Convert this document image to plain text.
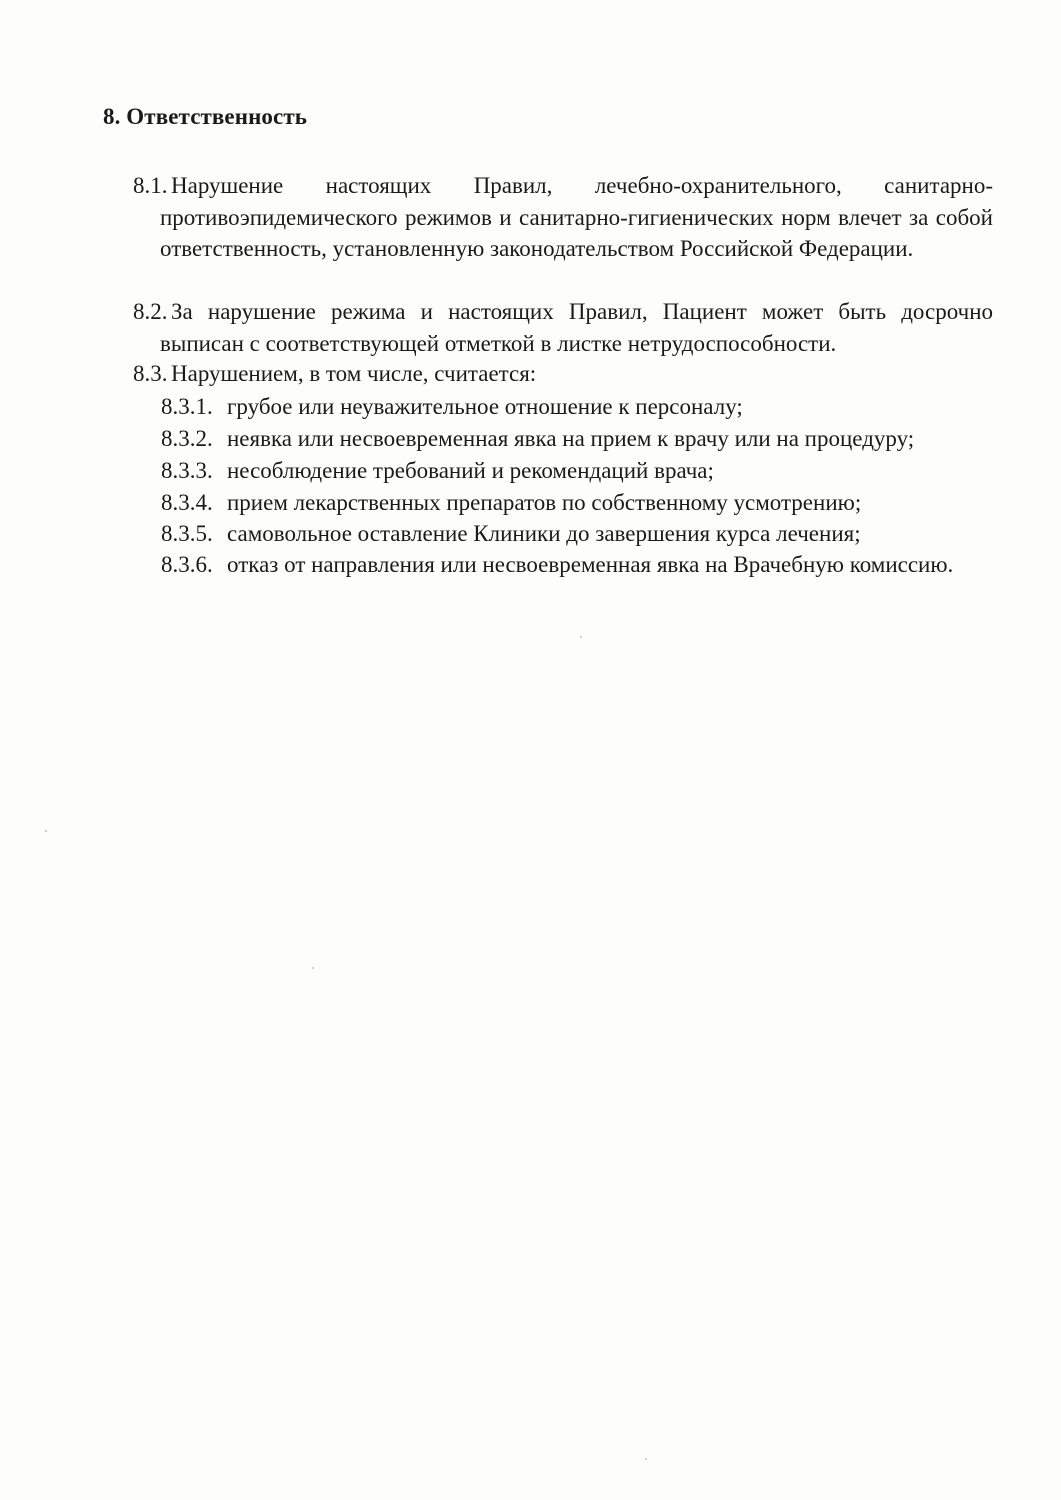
8. Ответственность
8.1. Нарушение настоящих Правил, лечебно-охранительного, санитарно-противоэпидемического режимов и санитарно-гигиенических норм влечет за собой ответственность, установленную законодательством Российской Федерации.
8.2. За нарушение режима и настоящих Правил, Пациент может быть досрочно выписан с соответствующей отметкой в листке нетрудоспособности.
8.3. Нарушением, в том числе, считается:
8.3.1. грубое или неуважительное отношение к персоналу;
8.3.2. неявка или несвоевременная явка на прием к врачу или на процедуру;
8.3.3. несоблюдение требований и рекомендаций врача;
8.3.4. прием лекарственных препаратов по собственному усмотрению;
8.3.5. самовольное оставление Клиники до завершения курса лечения;
8.3.6. отказ от направления или несвоевременная явка на Врачебную комиссию.
